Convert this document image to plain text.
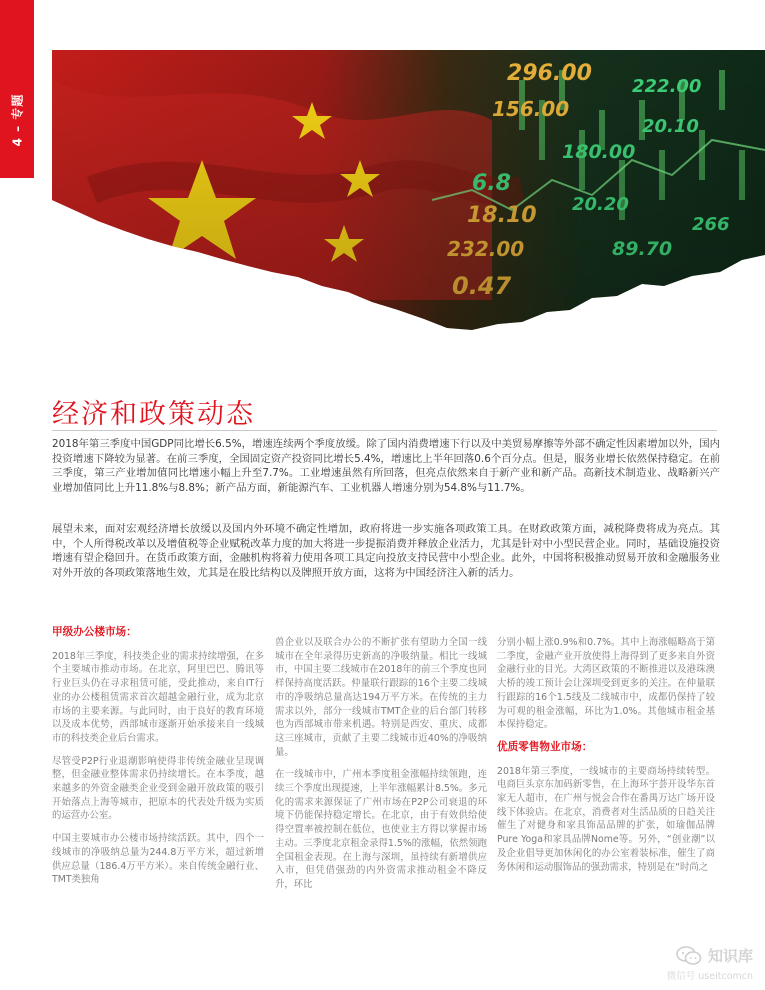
4 – 专题
经济和政策动态

2018年第三季度中国GDP同比增长6.5%，增速连续两个季度放缓。除了国内消费增速下行以及中美贸易摩擦等外部不确定性因素增加以外，国内投资增速下降较为显著。在前三季度，全国固定资产投资同比增长5.4%，增速比上半年回落0.6个百分点。但是，服务业增长依然保持稳定。在前三季度，第三产业增加值同比增速小幅上升至7.7%。工业增速虽然有所回落，但亮点依然来自于新产业和新产品。高新技术制造业、战略新兴产业增加值同比上升11.8%与8.8%；新产品方面，新能源汽车、工业机器人增速分别为54.8%与11.7%。

展望未来，面对宏观经济增长放缓以及国内外环境不确定性增加，政府将进一步实施各项政策工具。在财政政策方面，减税降费将成为亮点。其中，个人所得税改革以及增值税等企业赋税改革力度的加大将进一步提振消费并释放企业活力，尤其是针对中小型民营企业。同时，基础设施投资增速有望企稳回升。在货币政策方面，金融机构将着力使用各项工具定向投放支持民营中小型企业。此外，中国将积极推动贸易开放和金融服务业对外开放的各项政策落地生效，尤其是在股比结构以及牌照开放方面，这将为中国经济注入新的活力。

甲级办公楼市场：

2018年三季度，科技类企业的需求持续增强，在多个主要城市推动市场。在北京，阿里巴巴、腾讯等行业巨头仍在寻求租赁可能，受此推动，来自IT行业的办公楼租赁需求首次超越金融行业，成为北京市场的主要来源。与此同时，由于良好的教育环境以及成本优势，西部城市逐渐开始承接来自一线城市的科技类企业后台需求。

尽管受P2P行业退潮影响使得非传统金融业呈现调整，但金融业整体需求仍持续增长。在本季度，越来越多的外资金融类企业受到金融开放政策的吸引开始落点上海等城市，把原本的代表处升级为实质的运营办公室。

中国主要城市办公楼市场持续活跃。其中，四个一线城市的净吸纳总量为244.8万平方米，超过新增供应总量（186.4万平方米）。来自传统金融行业、TMT类独角

兽企业以及联合办公的不断扩张有望助力全国一线城市在全年录得历史新高的净吸纳量。相比一线城市，中国主要二线城市在2018年的前三个季度也同样保持高度活跃。仲量联行跟踪的16个主要二线城市的净吸纳总量高达194万平方米。在传统的主力需求以外，部分一线城市TMT企业的后台部门转移也为西部城市带来机遇。特别是西安、重庆、成都这三座城市，贡献了主要二线城市近40%的净吸纳量。

在一线城市中，广州本季度租金涨幅持续领跑，连续三个季度出现提速，上半年涨幅累计8.5%。多元化的需求来源保证了广州市场在P2P公司衰退的环境下仍能保持稳定增长。在北京，由于有效供给使得空置率被控制在低位，也使业主方得以掌握市场主动。三季度北京租金录得1.5%的涨幅，依然领跑全国租金表现。在上海与深圳，虽持续有新增供应入市，但凭借强劲的内外资需求推动租金不降反升，环比

分别小幅上涨0.9%和0.7%。其中上海涨幅略高于第二季度，金融产业开放使得上海得到了更多来自外资金融行业的目光。大湾区政策的不断推进以及港珠澳大桥的竣工预计会让深圳受到更多的关注。在仲量联行跟踪的16个1.5线及二线城市中，成都仍保持了较为可观的租金涨幅，环比为1.0%。其他城市租金基本保持稳定。

优质零售物业市场：

2018年第三季度，一线城市的主要商场持续转型。电商巨头京东加码新零售，在上海环宇荟开设华东首家无人超市，在广州与悦会合作在番禺万达广场开设线下体验店。在北京，消费者对生活品质的日趋关注催生了对健身和家具饰品品牌的扩张，如瑜伽品牌Pure Yoga和家具品牌Nome等。另外，“创业潮”以及企业倡导更加休闲化的办公室着装标准，催生了商务休闲和运动服饰品的强劲需求，特别是在“时尚之

知识库
微信号 useitcomcn
